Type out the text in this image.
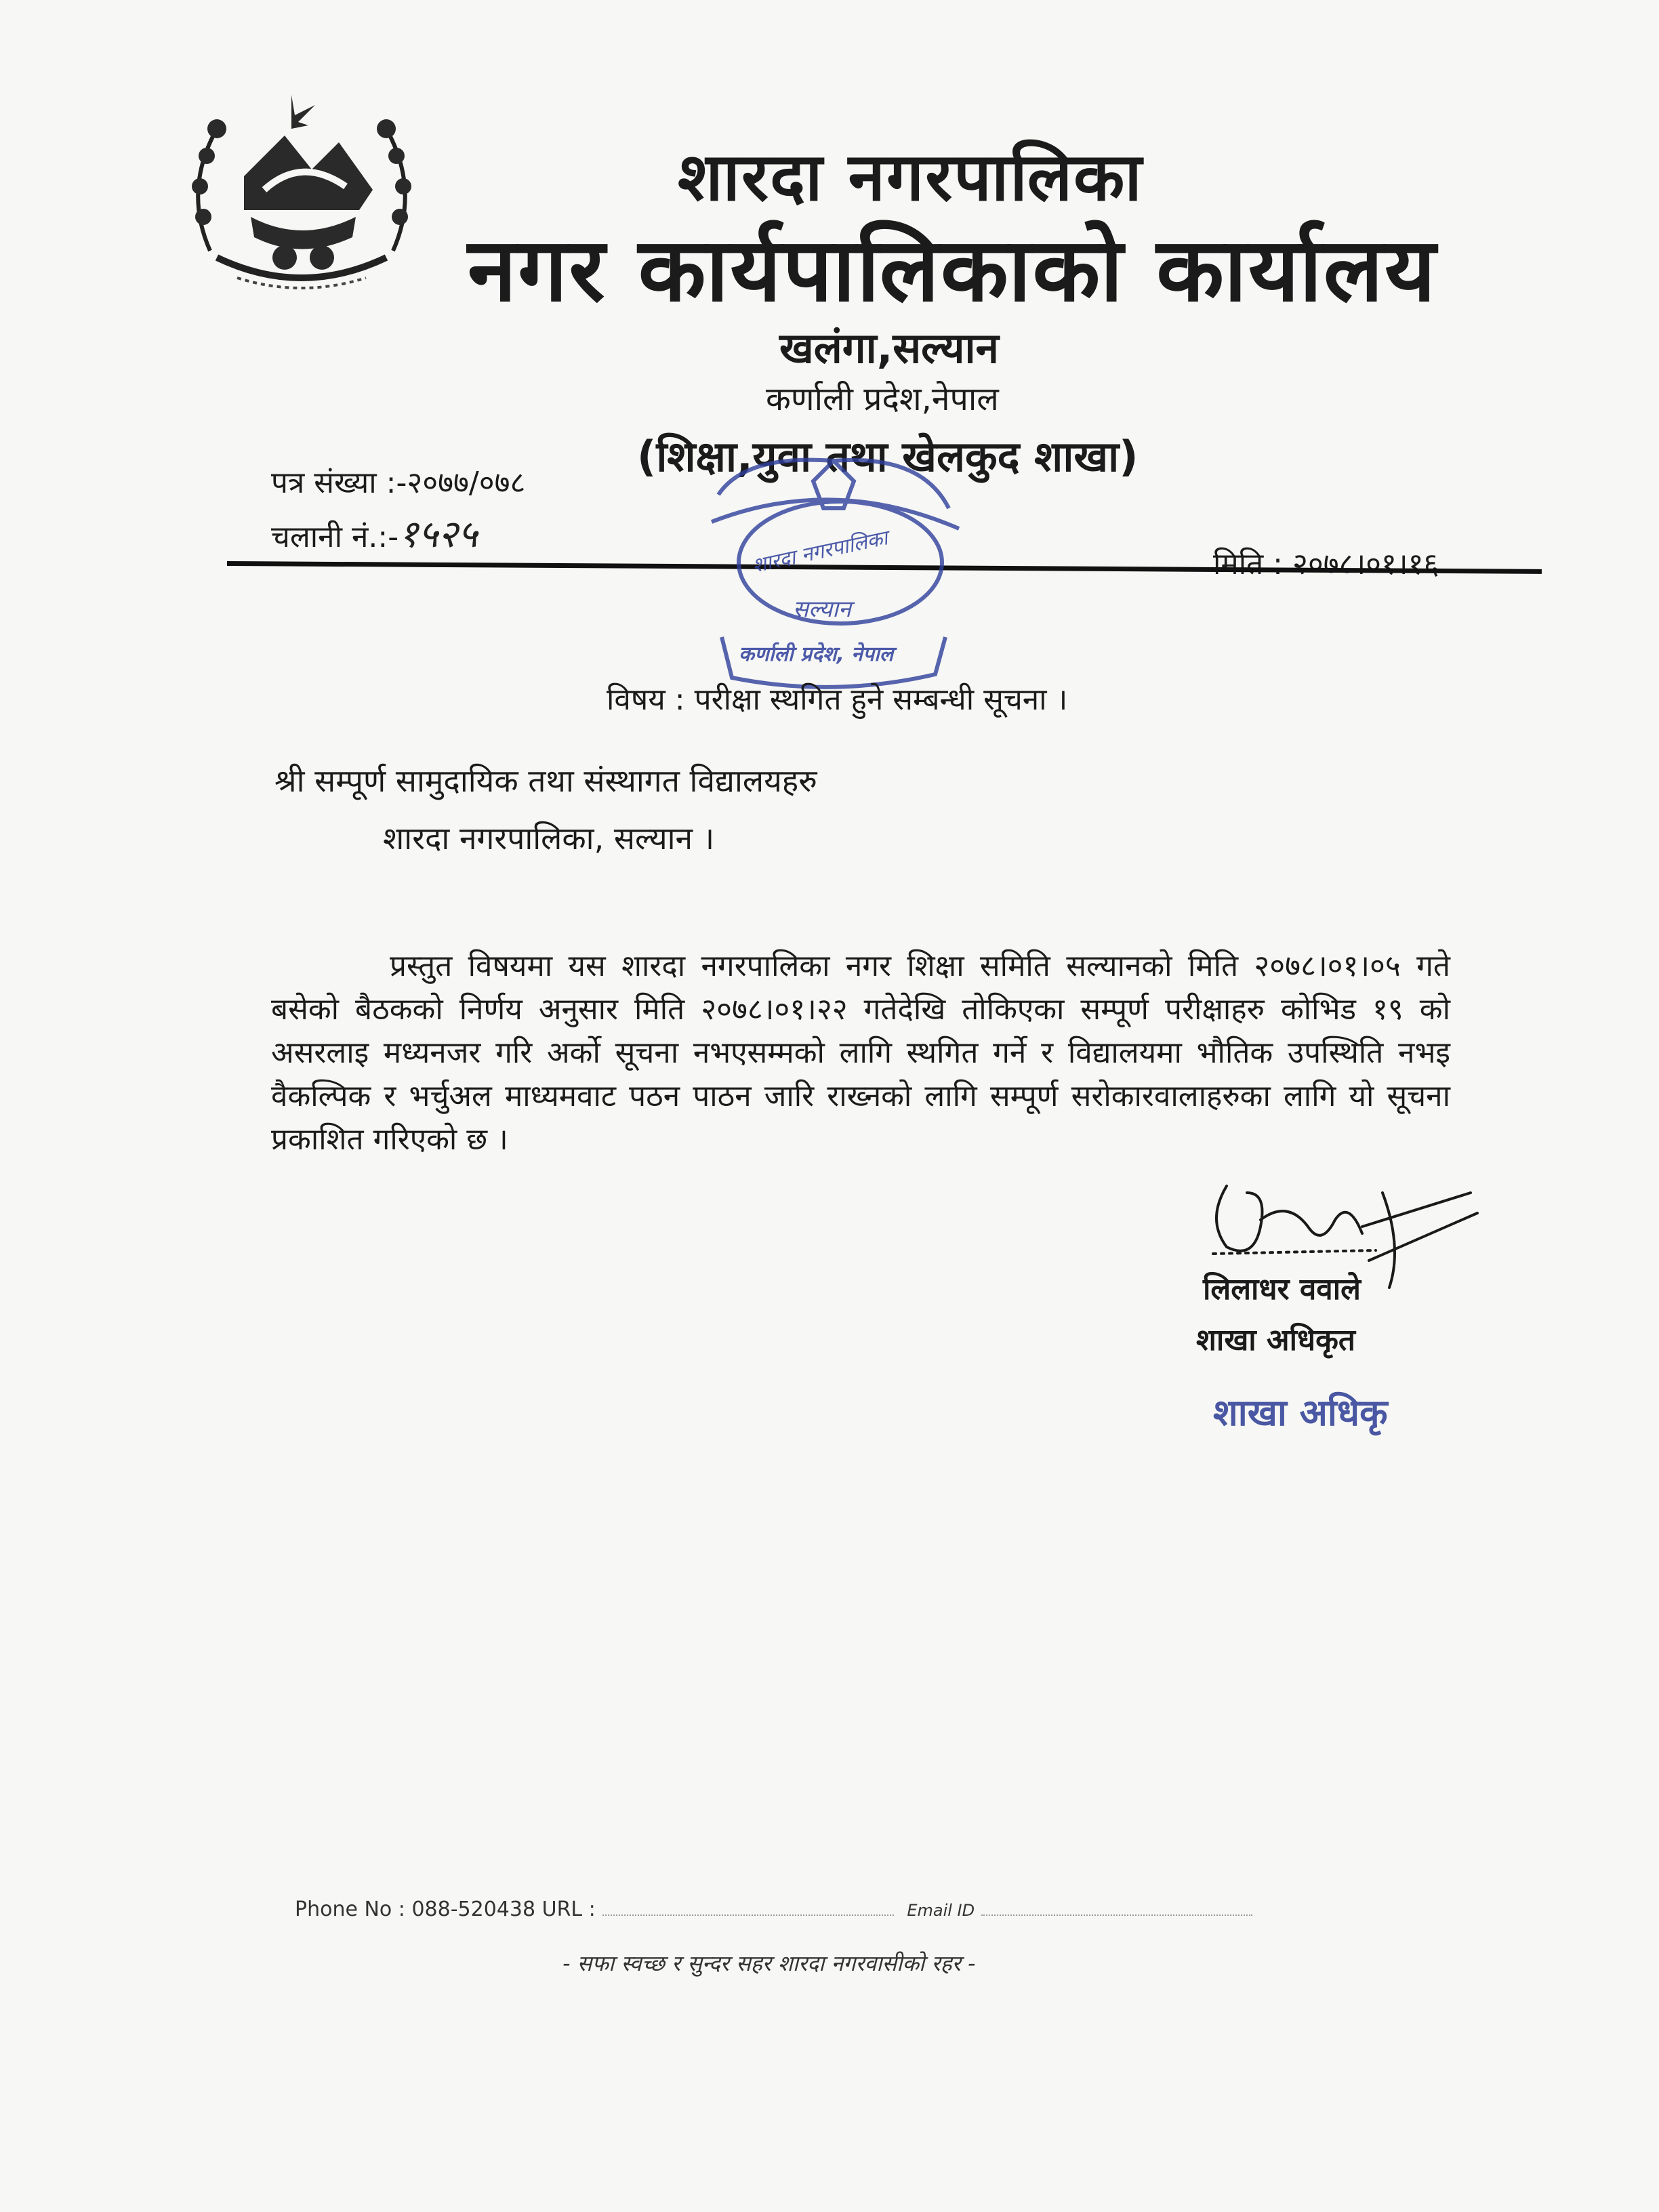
शारदा नगरपालिका
नगर कार्यपालिकाको कार्यालय
खलंगा,सल्यान
कर्णाली प्रदेश,नेपाल
(शिक्षा,युवा तथा खेलकुद शाखा)
पत्र संख्या :-२०७७/०७८
चलानी नं.:-१५२५
मिति : २०७८।०१।१६
शारदा नगरपालिका
सल्यान
कर्णाली प्रदेश, नेपाल
विषय : परीक्षा स्थगित हुने सम्बन्धी सूचना ।
श्री सम्पूर्ण सामुदायिक तथा संस्थागत विद्यालयहरु
शारदा नगरपालिका, सल्यान ।

प्रस्तुत विषयमा यस शारदा नगरपालिका नगर शिक्षा समिति सल्यानको मिति २०७८।०१।०५ गते बसेको बैठकको निर्णय अनुसार मिति २०७८।०१।२२ गतेदेखि तोकिएका सम्पूर्ण परीक्षाहरु कोभिड १९ को असरलाइ मध्यनजर गरि अर्को सूचना नभएसम्मको लागि स्थगित गर्ने र विद्यालयमा भौतिक उपस्थिति नभइ वैकल्पिक र भर्चुअल माध्यमवाट पठन पाठन जारि राख्नको लागि सम्पूर्ण सरोकारवालाहरुका लागि यो सूचना प्रकाशित गरिएको छ ।

लिलाधर ववाले
शाखा अधिकृत
शाखा अधिकृ
Phone No : 088-520438 URL :	Email ID
- सफा स्वच्छ र सुन्दर सहर शारदा नगरवासीको रहर -
